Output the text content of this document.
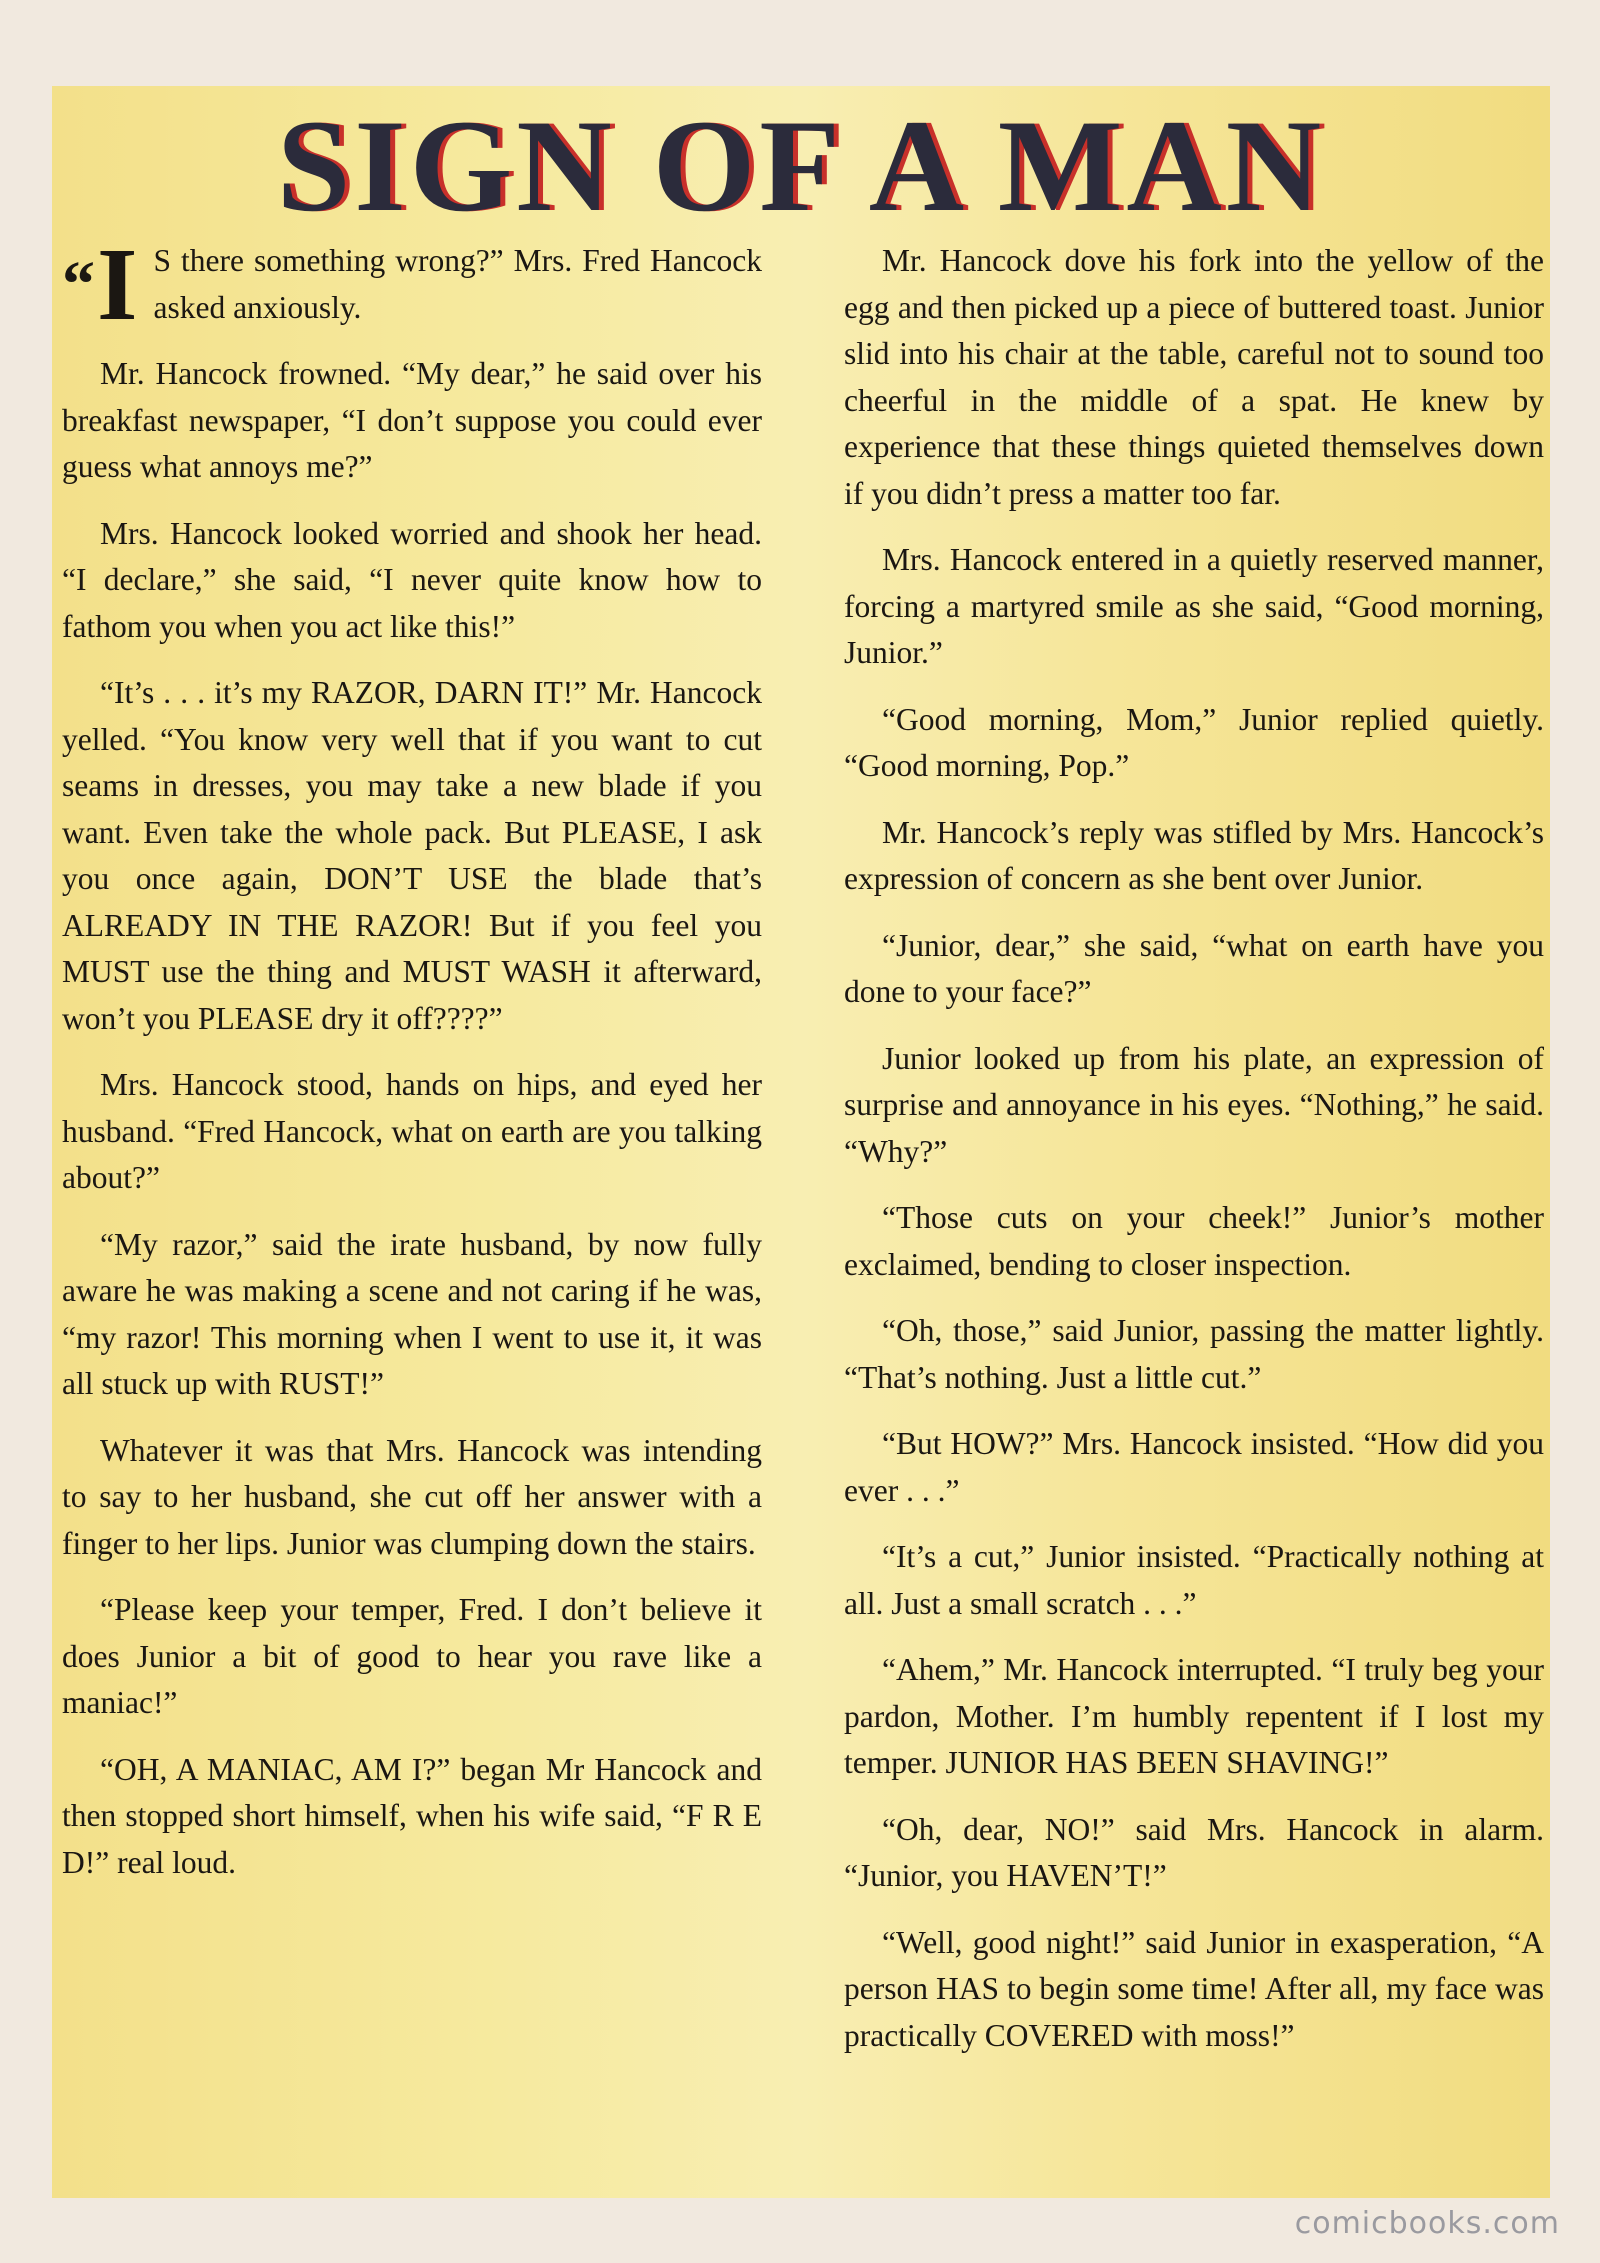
SIGN OF A MAN

“I S there something wrong?” Mrs. Fred Hancock asked anxiously.

Mr. Hancock frowned. “My dear,” he said over his breakfast newspaper, “I don’t suppose you could ever guess what annoys me?”

Mrs. Hancock looked worried and shook her head. “I declare,” she said, “I never quite know how to fathom you when you act like this!”

“It’s . . . it’s my RAZOR, DARN IT!” Mr. Hancock yelled. “You know very well that if you want to cut seams in dresses, you may take a new blade if you want. Even take the whole pack. But PLEASE, I ask you once again, DON’T USE the blade that’s ALREADY IN THE RAZOR! But if you feel you MUST use the thing and MUST WASH it afterward, won’t you PLEASE dry it off????”

Mrs. Hancock stood, hands on hips, and eyed her husband. “Fred Hancock, what on earth are you talking about?”

“My razor,” said the irate husband, by now fully aware he was making a scene and not caring if he was, “my razor! This morning when I went to use it, it was all stuck up with RUST!”

Whatever it was that Mrs. Hancock was intending to say to her husband, she cut off her answer with a finger to her lips. Junior was clumping down the stairs.

“Please keep your temper, Fred. I don’t believe it does Junior a bit of good to hear you rave like a maniac!”

“OH, A MANIAC, AM I?” began Mr Hancock and then stopped short himself, when his wife said, “F R E D!” real loud.

Mr. Hancock dove his fork into the yellow of the egg and then picked up a piece of buttered toast. Junior slid into his chair at the table, careful not to sound too cheerful in the middle of a spat. He knew by experience that these things quieted themselves down if you didn’t press a matter too far.

Mrs. Hancock entered in a quietly reserved manner, forcing a martyred smile as she said, “Good morning, Junior.”

“Good morning, Mom,” Junior replied quietly. “Good morning, Pop.”

Mr. Hancock’s reply was stifled by Mrs. Hancock’s expression of concern as she bent over Junior.

“Junior, dear,” she said, “what on earth have you done to your face?”

Junior looked up from his plate, an expression of surprise and annoyance in his eyes. “Nothing,” he said. “Why?”

“Those cuts on your cheek!” Junior’s mother exclaimed, bending to closer inspection.

“Oh, those,” said Junior, passing the matter lightly. “That’s nothing. Just a little cut.”

“But HOW?” Mrs. Hancock insisted. “How did you ever . . .”

“It’s a cut,” Junior insisted. “Practically nothing at all. Just a small scratch . . .”

“Ahem,” Mr. Hancock interrupted. “I truly beg your pardon, Mother. I’m humbly repentent if I lost my temper. JUNIOR HAS BEEN SHAVING!”

“Oh, dear, NO!” said Mrs. Hancock in alarm. “Junior, you HAVEN’T!”

“Well, good night!” said Junior in exasperation, “A person HAS to begin some time! After all, my face was practically COVERED with moss!”

comicbooks.com
